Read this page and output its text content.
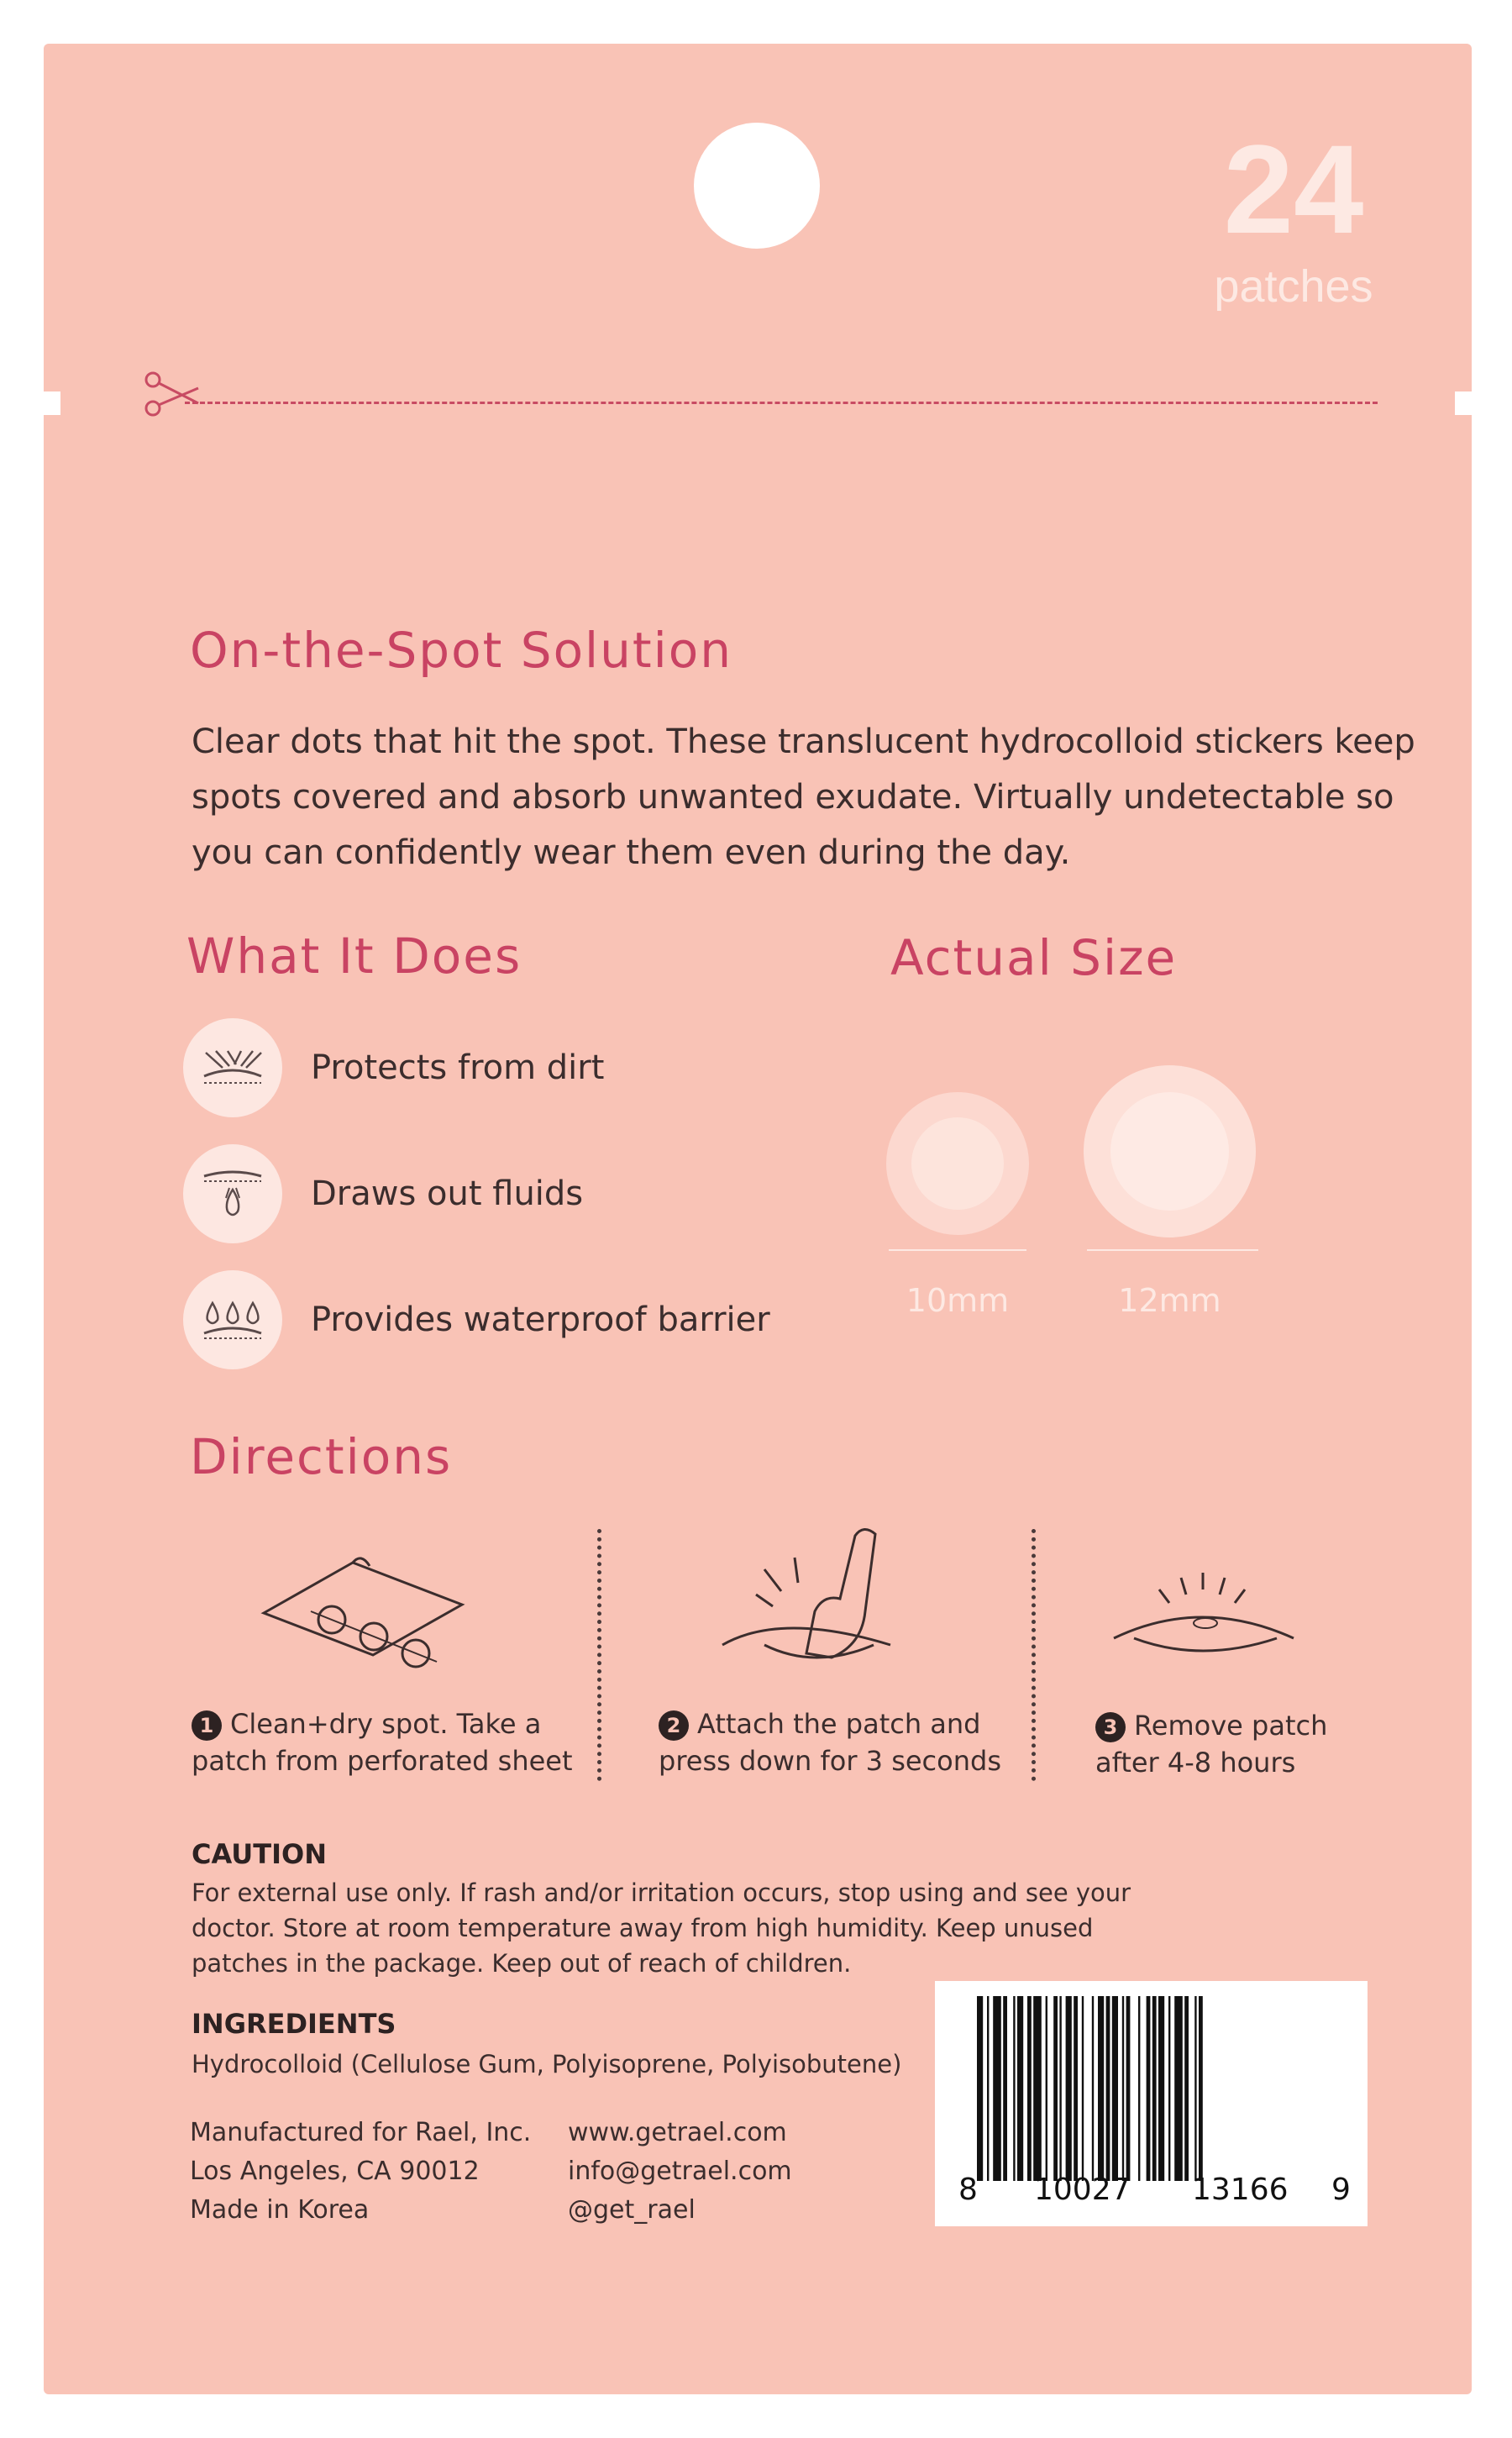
24
patches
On-the-Spot Solution
Clear dots that hit the spot. These translucent hydrocolloid stickers keep
spots covered and absorb unwanted exudate. Virtually undetectable so
you can confidently wear them even during the day.
What It Does
Protects from dirt
Draws out fluids
Provides waterproof barrier
Actual Size
10mm	12mm
Directions
1 Clean+dry spot. Take a
patch from perforated sheet
2 Attach the patch and
press down for 3 seconds
3 Remove patch
after 4-8 hours
CAUTION
For external use only. If rash and/or irritation occurs, stop using and see your
doctor. Store at room temperature away from high humidity. Keep unused
patches in the package. Keep out of reach of children.
INGREDIENTS
Hydrocolloid (Cellulose Gum, Polyisoprene, Polyisobutene)
Manufactured for Rael, Inc.
Los Angeles, CA 90012
Made in Korea
www.getrael.com
info@getrael.com
@get_rael
8 10027 13166 9
